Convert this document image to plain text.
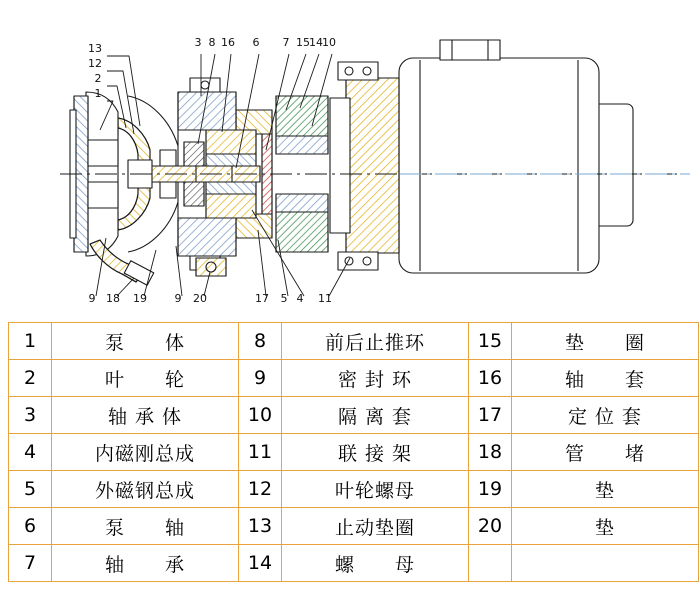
13
12
2
1
3 8 16 6 7 15 14 10
9 18 19	9 20	17 5 4 11
1	泵　　体	8	前后止推环	15	垫　　圈
2	叶　　轮	9	密 封 环	16	轴　　套
3	轴 承 体	10	隔 离 套	17	定 位 套
4	内磁刚总成	11	联 接 架	18	管　　堵
5	外磁钢总成	12	叶轮螺母	19	垫
6	泵　　轴	13	止动垫圈	20	垫
7	轴　　承	14	螺　　母		
